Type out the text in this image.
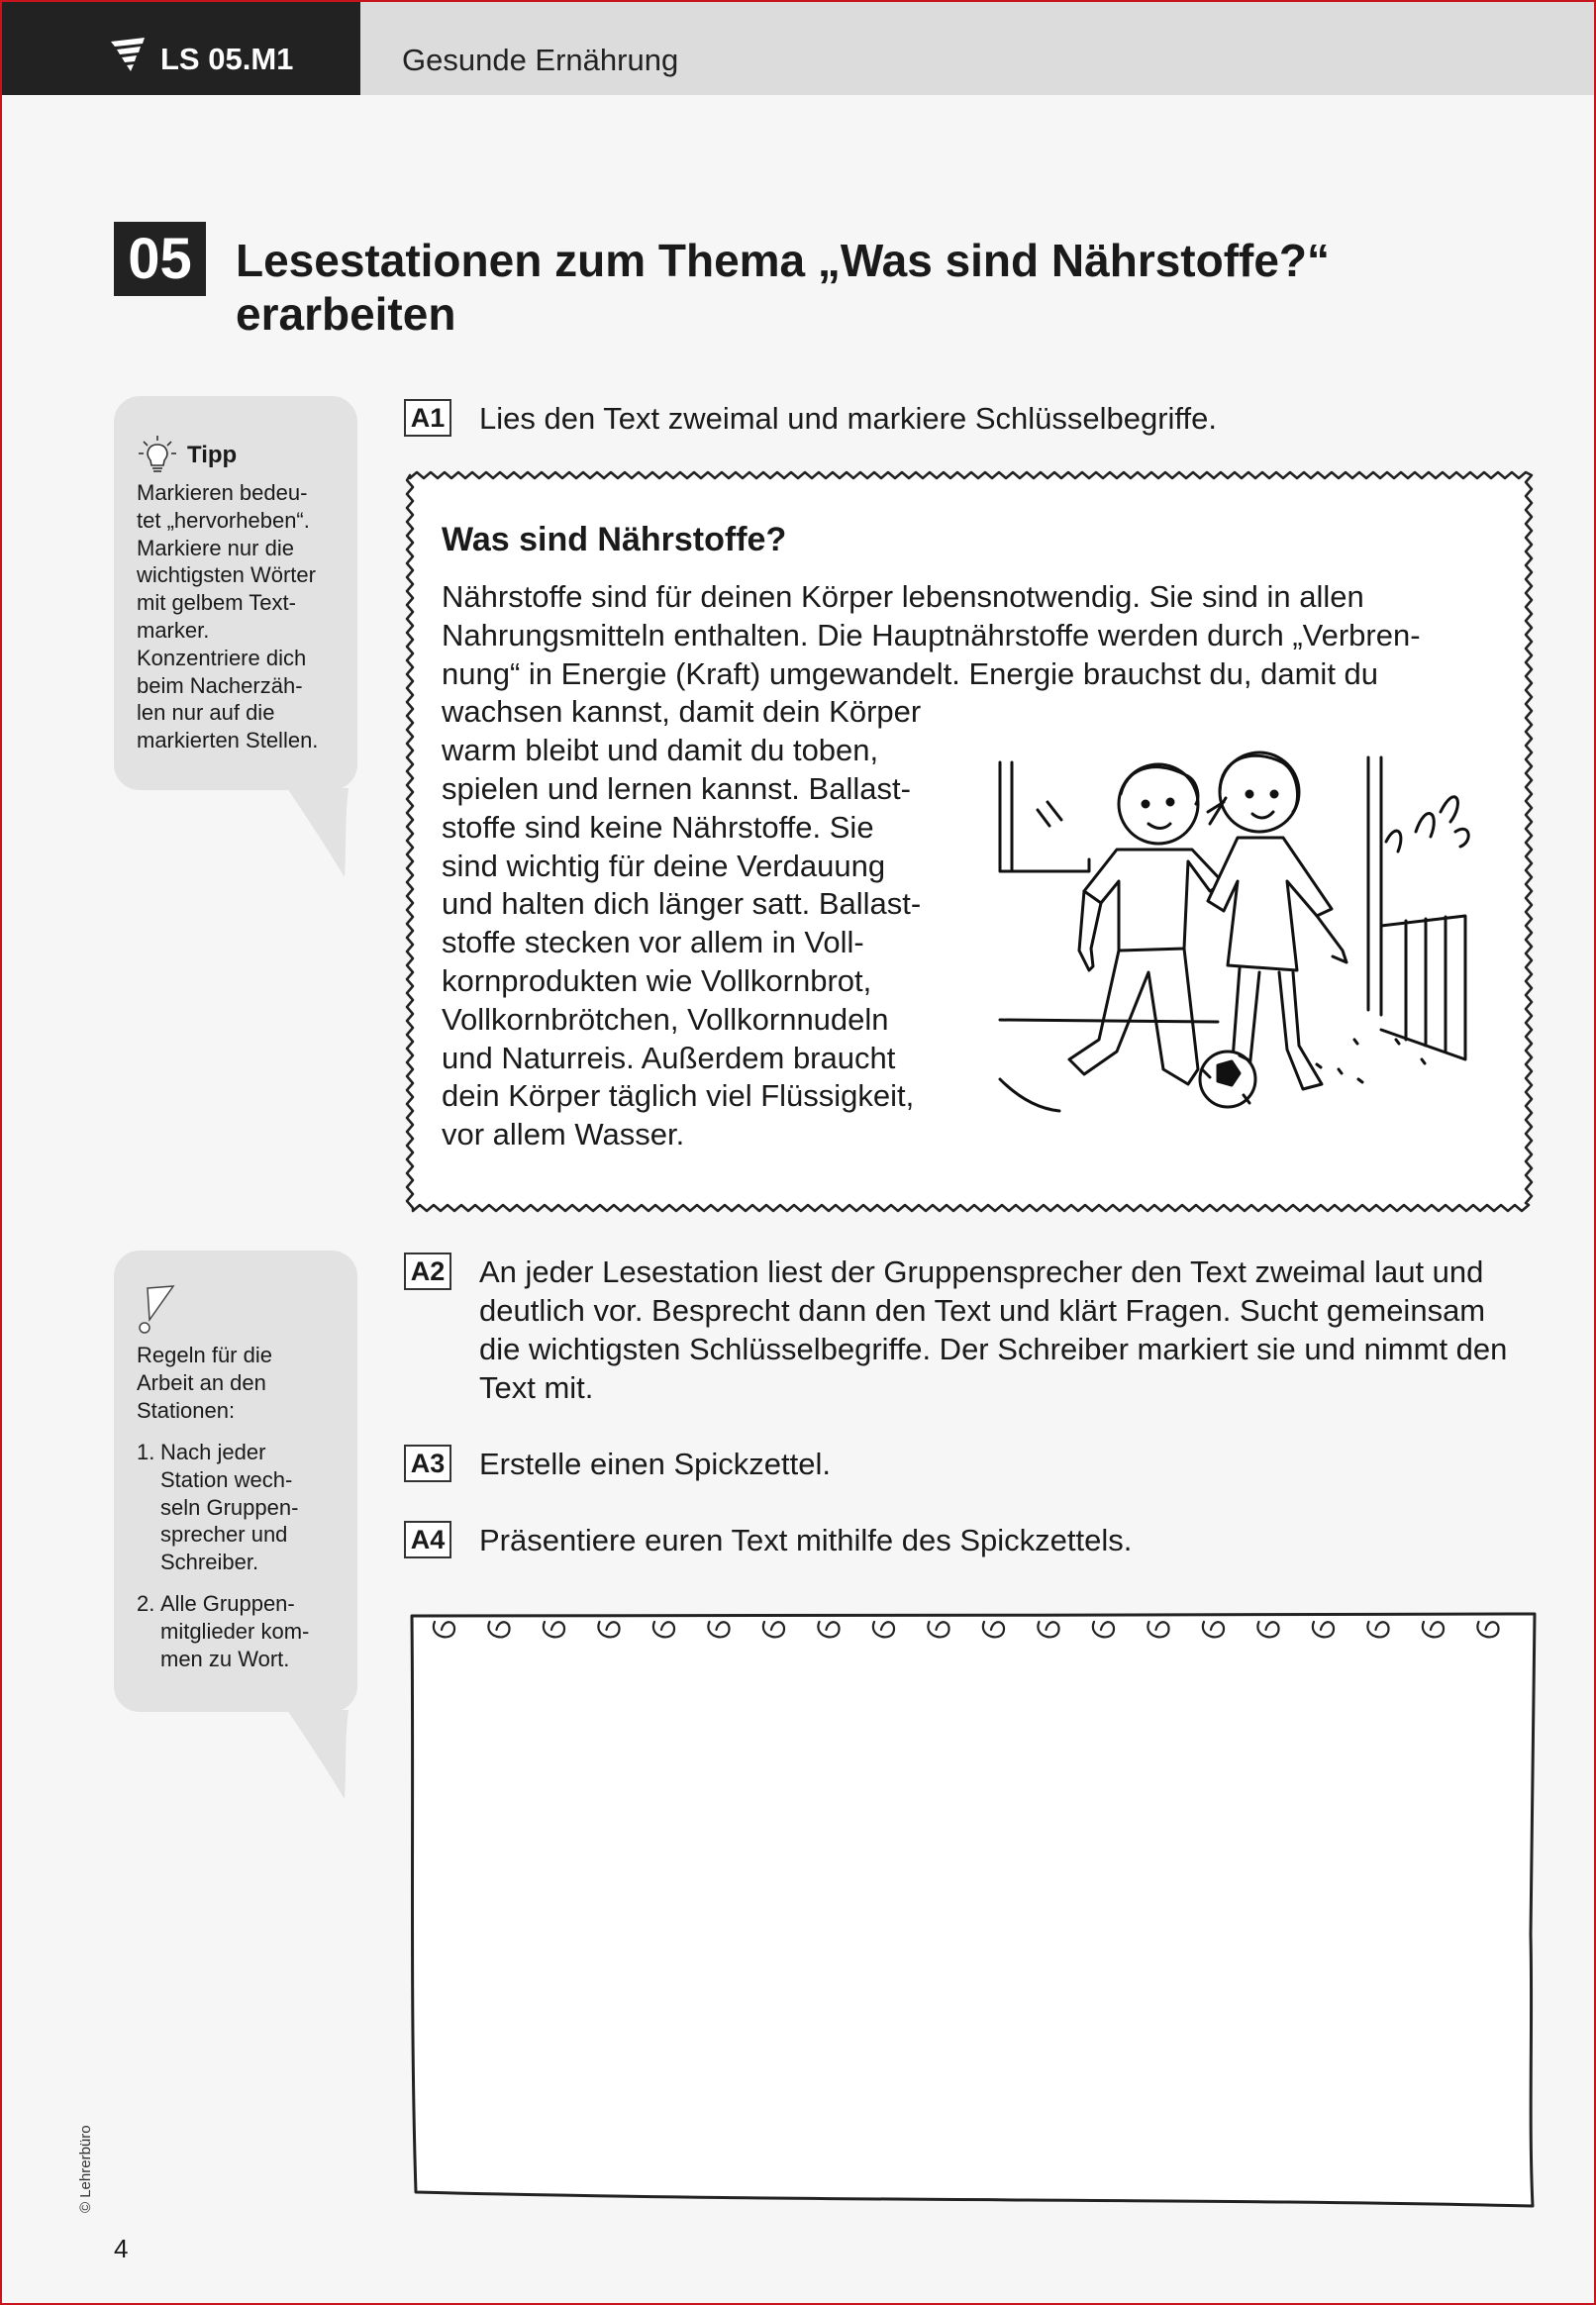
LS 05.M1	Gesunde Ernährung
05 Lesestationen zum Thema „Was sind Nährstoffe?“
erarbeiten
Tipp
Markieren bedeu-
tet „hervorheben“.
Markiere nur die
wichtigsten Wörter
mit gelbem Text-
marker.
Konzentriere dich
beim Nacherzäh-
len nur auf die
markierten Stellen.
Regeln für die
Arbeit an den
Stationen:
1. Nach jeder
Station wech-
seln Gruppen-
sprecher und
Schreiber.
2. Alle Gruppen-
mitglieder kom-
men zu Wort.
A1 Lies den Text zweimal und markiere Schlüsselbegriffe.
Was sind Nährstoffe?
Nährstoffe sind für deinen Körper lebensnotwendig. Sie sind in allen
Nahrungsmitteln enthalten. Die Hauptnährstoffe werden durch „Verbren-
nung“ in Energie (Kraft) umgewandelt. Energie brauchst du, damit du
wachsen kannst, damit dein Körper
warm bleibt und damit du toben,
spielen und lernen kannst. Ballast-
stoffe sind keine Nährstoffe. Sie
sind wichtig für deine Verdauung
und halten dich länger satt. Ballast-
stoffe stecken vor allem in Voll-
kornprodukten wie Vollkornbrot,
Vollkornbrötchen, Vollkornnudeln
und Naturreis. Außerdem braucht
dein Körper täglich viel Flüssigkeit,
vor allem Wasser.
A2 An jeder Lesestation liest der Gruppensprecher den Text zweimal laut und
deutlich vor. Besprecht dann den Text und klärt Fragen. Sucht gemeinsam
die wichtigsten Schlüsselbegriffe. Der Schreiber markiert sie und nimmt den
Text mit.
A3 Erstelle einen Spickzettel.
A4 Präsentiere euren Text mithilfe des Spickzettels.
© Lehrerbüro
4
